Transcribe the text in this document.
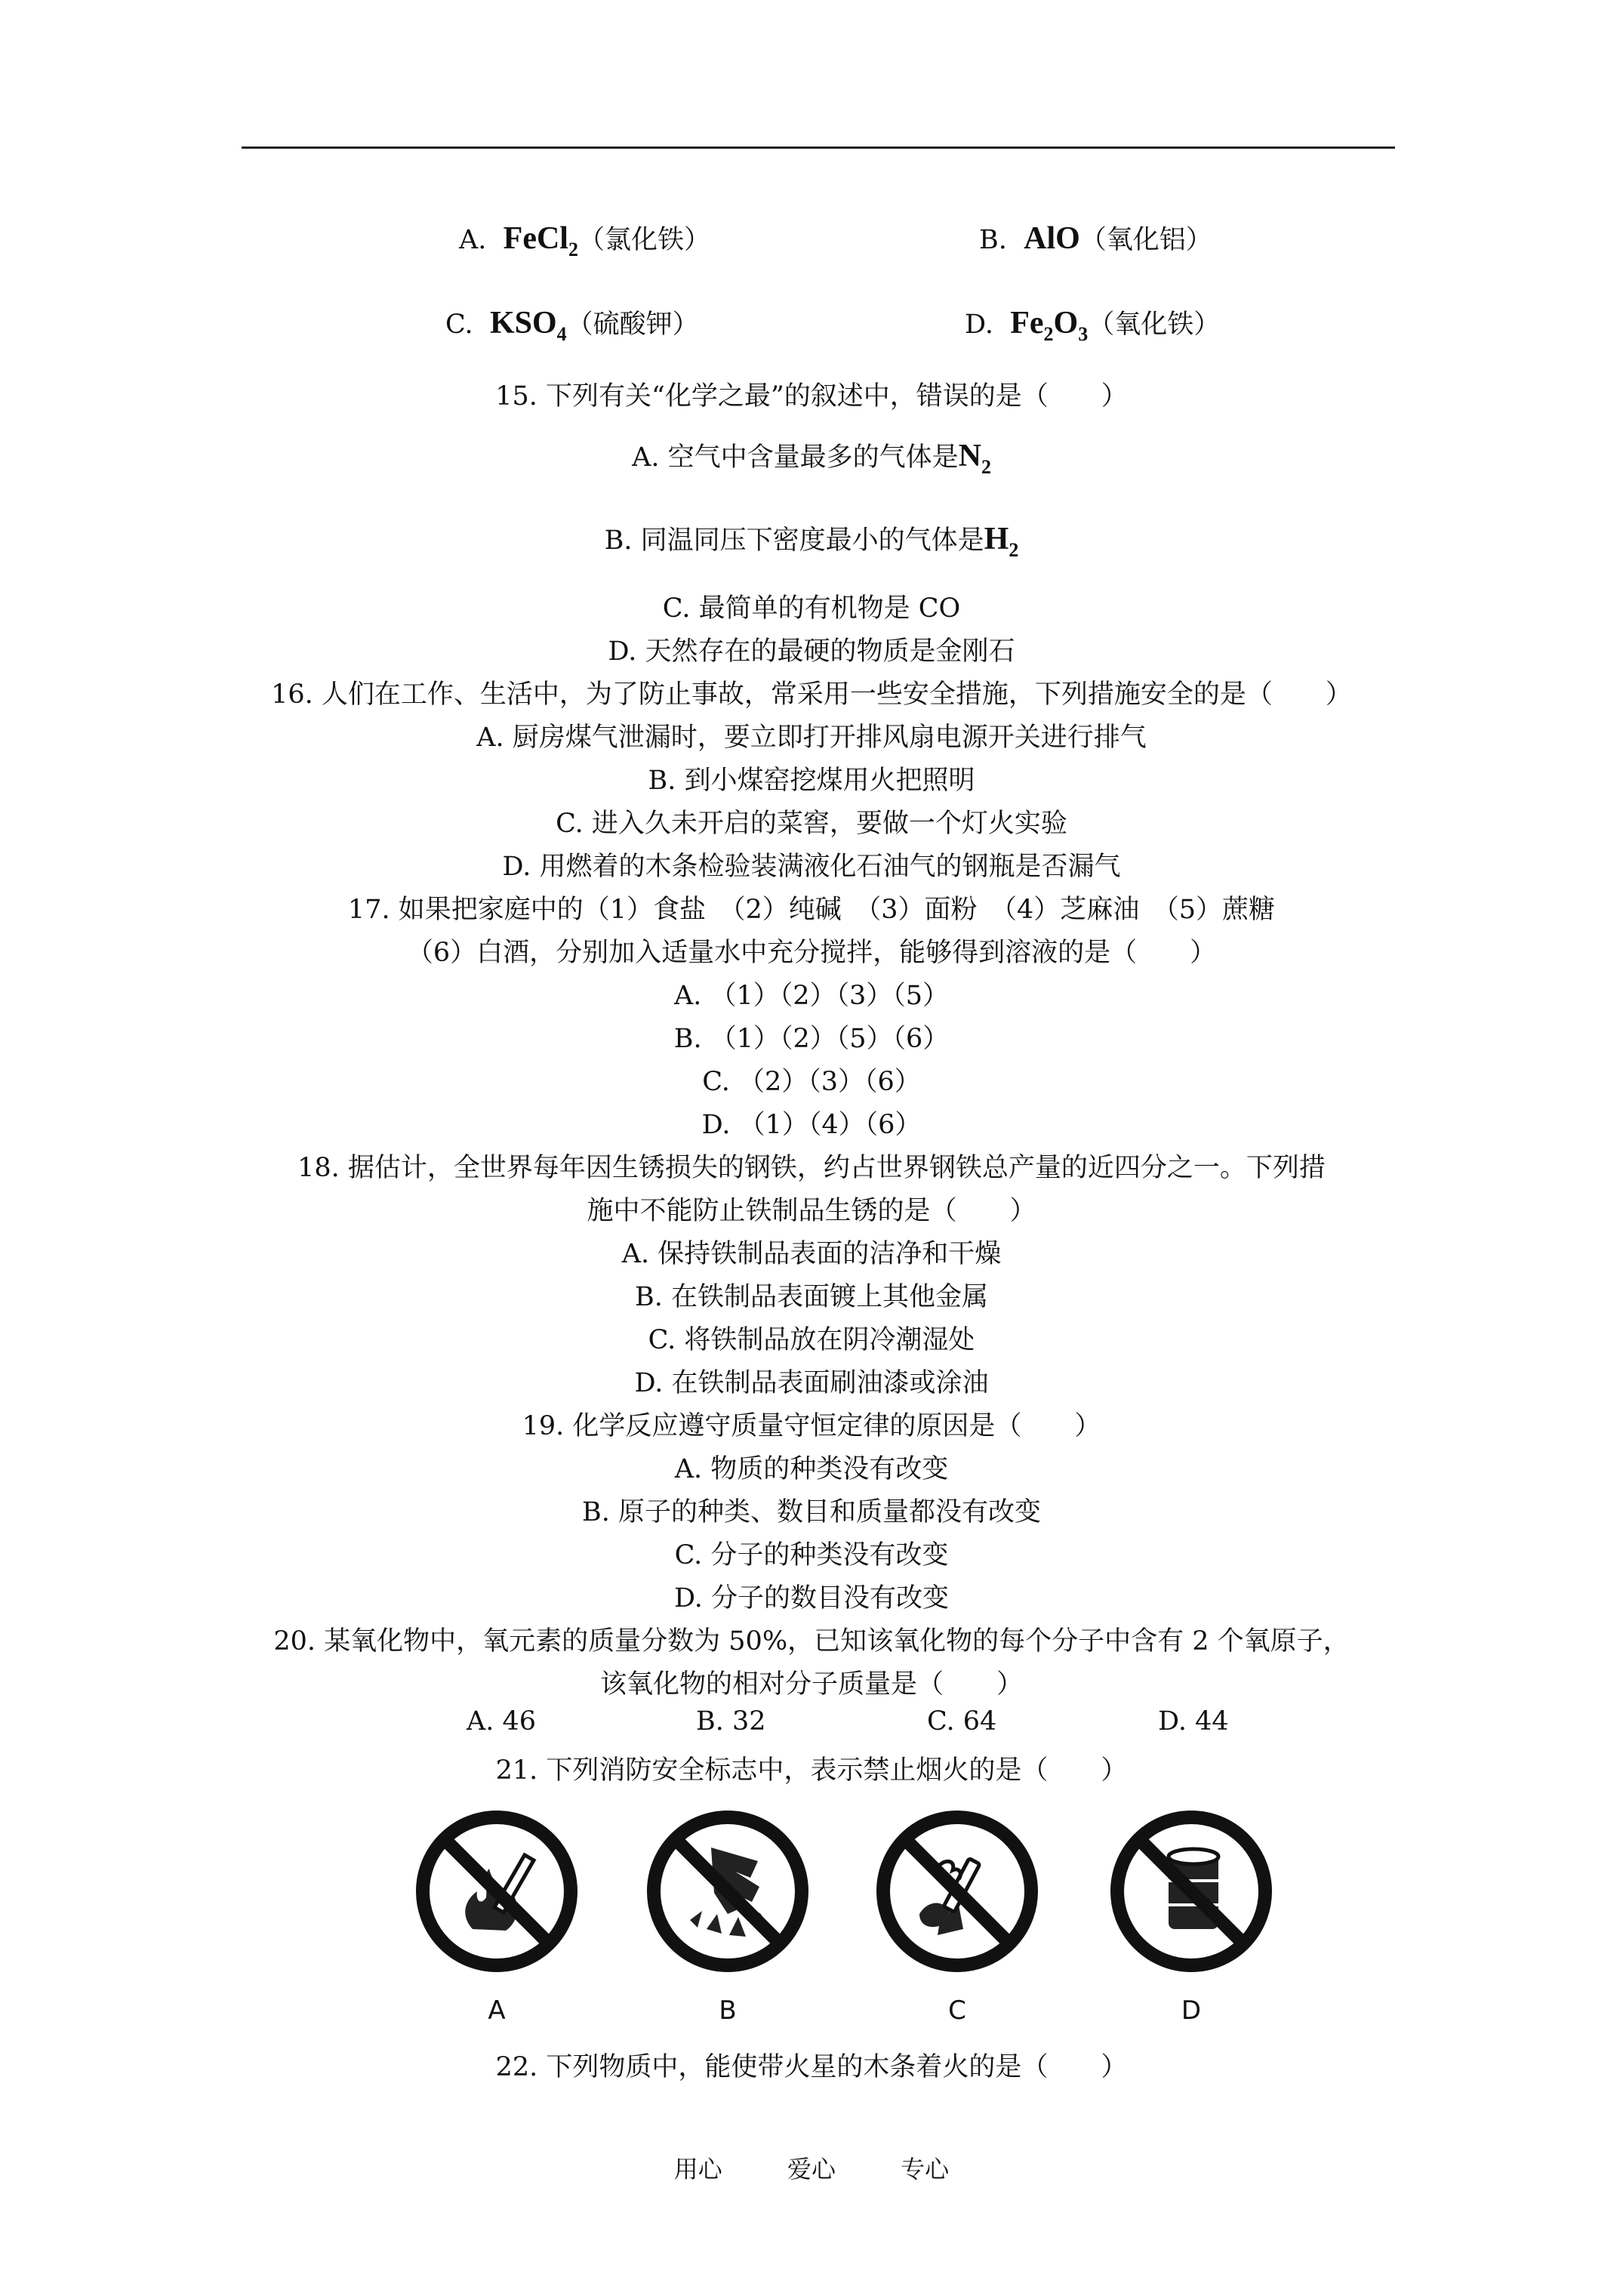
A. FeCl$_2$（氯化铁）	B. AlO（氧化铝）
C. $KSO_4$（硫酸钾）	D. $Fe_2O_3$（氧化铁）
15. 下列有关“化学之最”的叙述中，错误的是（　　）
A. 空气中含量最多的气体是$N_2$
B. 同温同压下密度最小的气体是$H_2$
C. 最简单的有机物是 CO
D. 天然存在的最硬的物质是金刚石
16. 人们在工作、生活中，为了防止事故，常采用一些安全措施，下列措施安全的是（　　）
A. 厨房煤气泄漏时，要立即打开排风扇电源开关进行排气
B. 到小煤窑挖煤用火把照明
C. 进入久未开启的菜窖，要做一个灯火实验
D. 用燃着的木条检验装满液化石油气的钢瓶是否漏气
17. 如果把家庭中的（1）食盐　（2）纯碱　（3）面粉　（4）芝麻油　（5）蔗糖
（6）白酒，分别加入适量水中充分搅拌，能够得到溶液的是（　　）
A. （1）（2）（3）（5）
B. （1）（2）（5）（6）
C. （2）（3）（6）
D. （1）（4）（6）
18. 据估计，全世界每年因生锈损失的钢铁，约占世界钢铁总产量的近四分之一。下列措
施中不能防止铁制品生锈的是（　　）
A. 保持铁制品表面的洁净和干燥
B. 在铁制品表面镀上其他金属
C. 将铁制品放在阴冷潮湿处
D. 在铁制品表面刷油漆或涂油
19. 化学反应遵守质量守恒定律的原因是（　　）
A. 物质的种类没有改变
B. 原子的种类、数目和质量都没有改变
C. 分子的种类没有改变
D. 分子的数目没有改变
20. 某氧化物中，氧元素的质量分数为 50%，已知该氧化物的每个分子中含有 2 个氧原子，
该氧化物的相对分子质量是（　　）
A. 46	B. 32	C. 64	D. 44
21. 下列消防安全标志中，表示禁止烟火的是（　　）
A	B	C	D
22. 下列物质中，能使带火星的木条着火的是（　　）
用心	爱心	专心
